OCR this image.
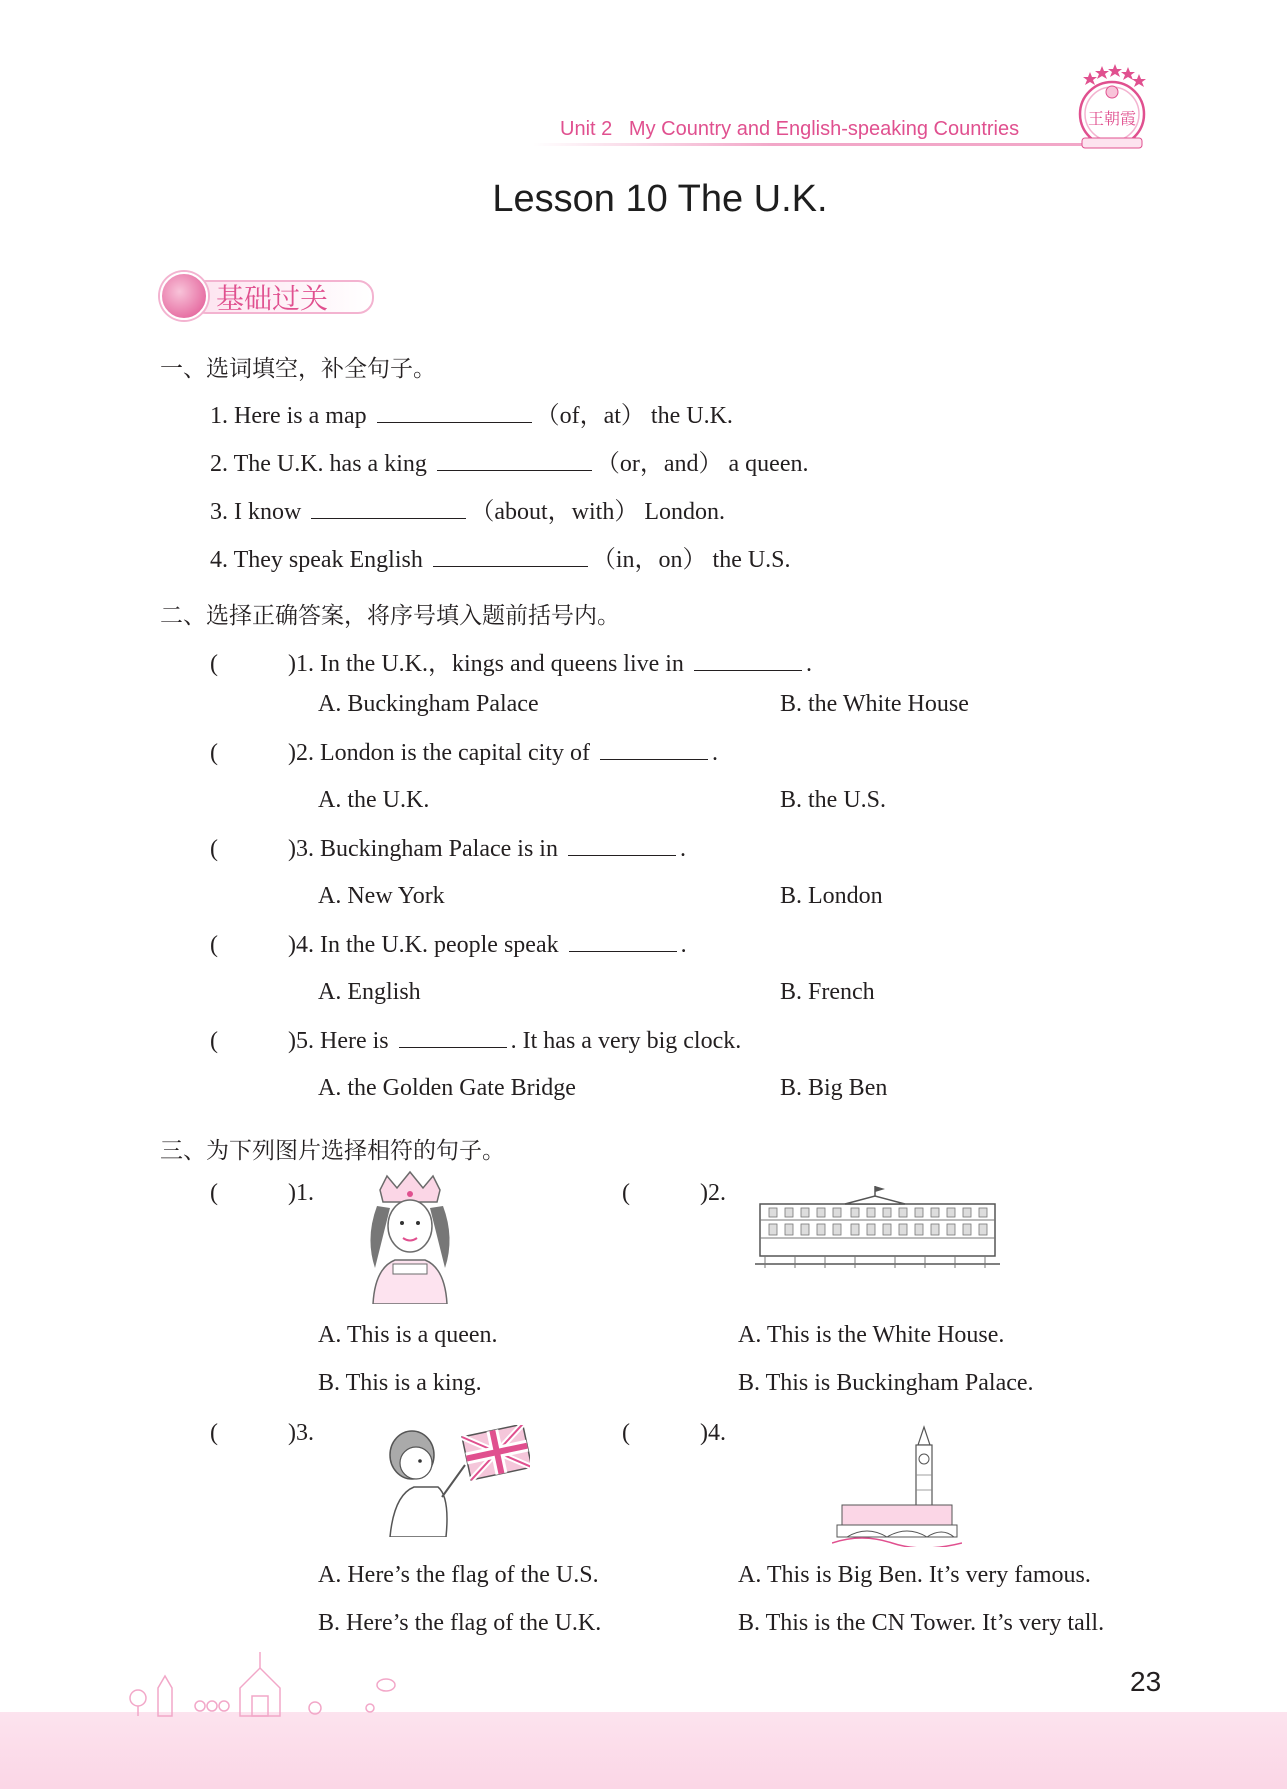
Unit 2 My Country and English-speaking Countries	王朝霞
Lesson 10 The U.K.
基础过关
一、选词填空，补全句子。
1. Here is a map	（of，at） the U.K.
2. The U.K. has a king	（or，and） a queen.
3. I know	（about，with） London.
4. They speak English	（in，on） the U.S.
二、选择正确答案，将序号填入题前括号内。
(	)1. In the U.K.，kings and queens live in	.
A. Buckingham Palace	B. the White House
(	)2. London is the capital city of	.
A. the U.K.	B. the U.S.
(	)3. Buckingham Palace is in	.
A. New York	B. London
(	)4. In the U.K. people speak	.
A. English	B. French
(	)5. Here is	. It has a very big clock.
A. the Golden Gate Bridge	B. Big Ben
三、为下列图片选择相符的句子。
(	)1.
A. This is a queen.
B. This is a king.
(	)2.
A. This is the White House.
B. This is Buckingham Palace.
(	)3.
A. Here’s the flag of the U.S.
B. Here’s the flag of the U.K.
(	)4.
A. This is Big Ben. It’s very famous.
B. This is the CN Tower. It’s very tall.
23
